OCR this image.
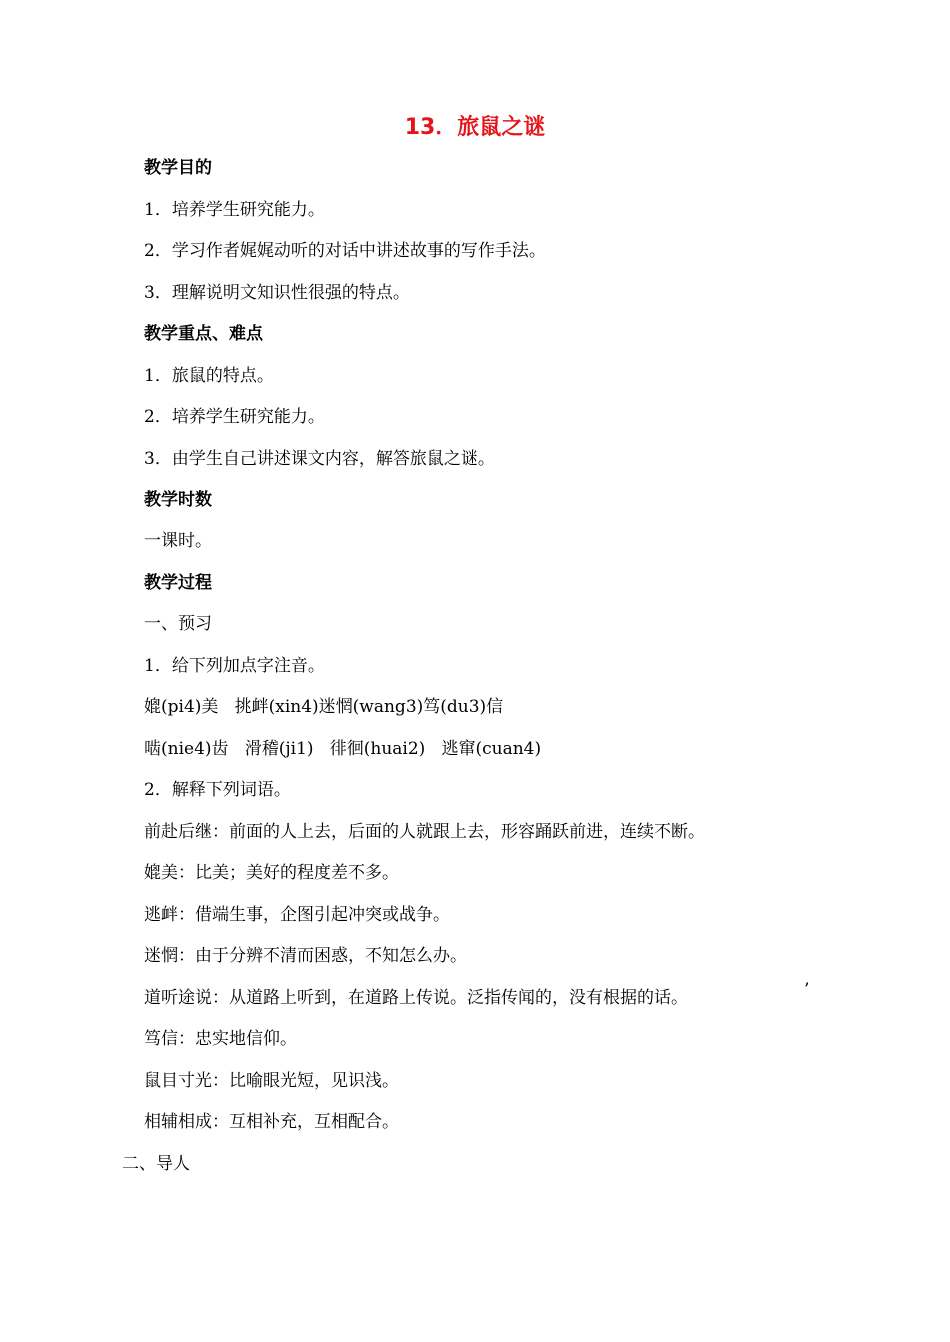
13．旅鼠之谜
教学目的
1．培养学生研究能力。
2．学习作者娓娓动听的对话中讲述故事的写作手法。
3．理解说明文知识性很强的特点。
教学重点、难点
1．旅鼠的特点。
2．培养学生研究能力。
3．由学生自己讲述课文内容，解答旅鼠之谜。
教学时数
一课时。
教学过程
一、预习
1．给下列加点字注音。
媲(pi4)美   挑衅(xin4)迷惘(wang3)笃(du3)信
啮(nie4)齿   滑稽(ji1)   徘徊(huai2)   逃窜(cuan4)
2．解释下列词语。
前赴后继：前面的人上去，后面的人就跟上去，形容踊跃前进，连续不断。
媲美：比美；美好的程度差不多。
逃衅：借端生事，企图引起冲突或战争。
迷惘：由于分辨不清而困惑，不知怎么办。
道听途说：从道路上听到，在道路上传说。泛指传闻的，没有根据的话。	’
笃信：忠实地信仰。
鼠目寸光：比喻眼光短，见识浅。
相辅相成：互相补充，互相配合。
二、导人
